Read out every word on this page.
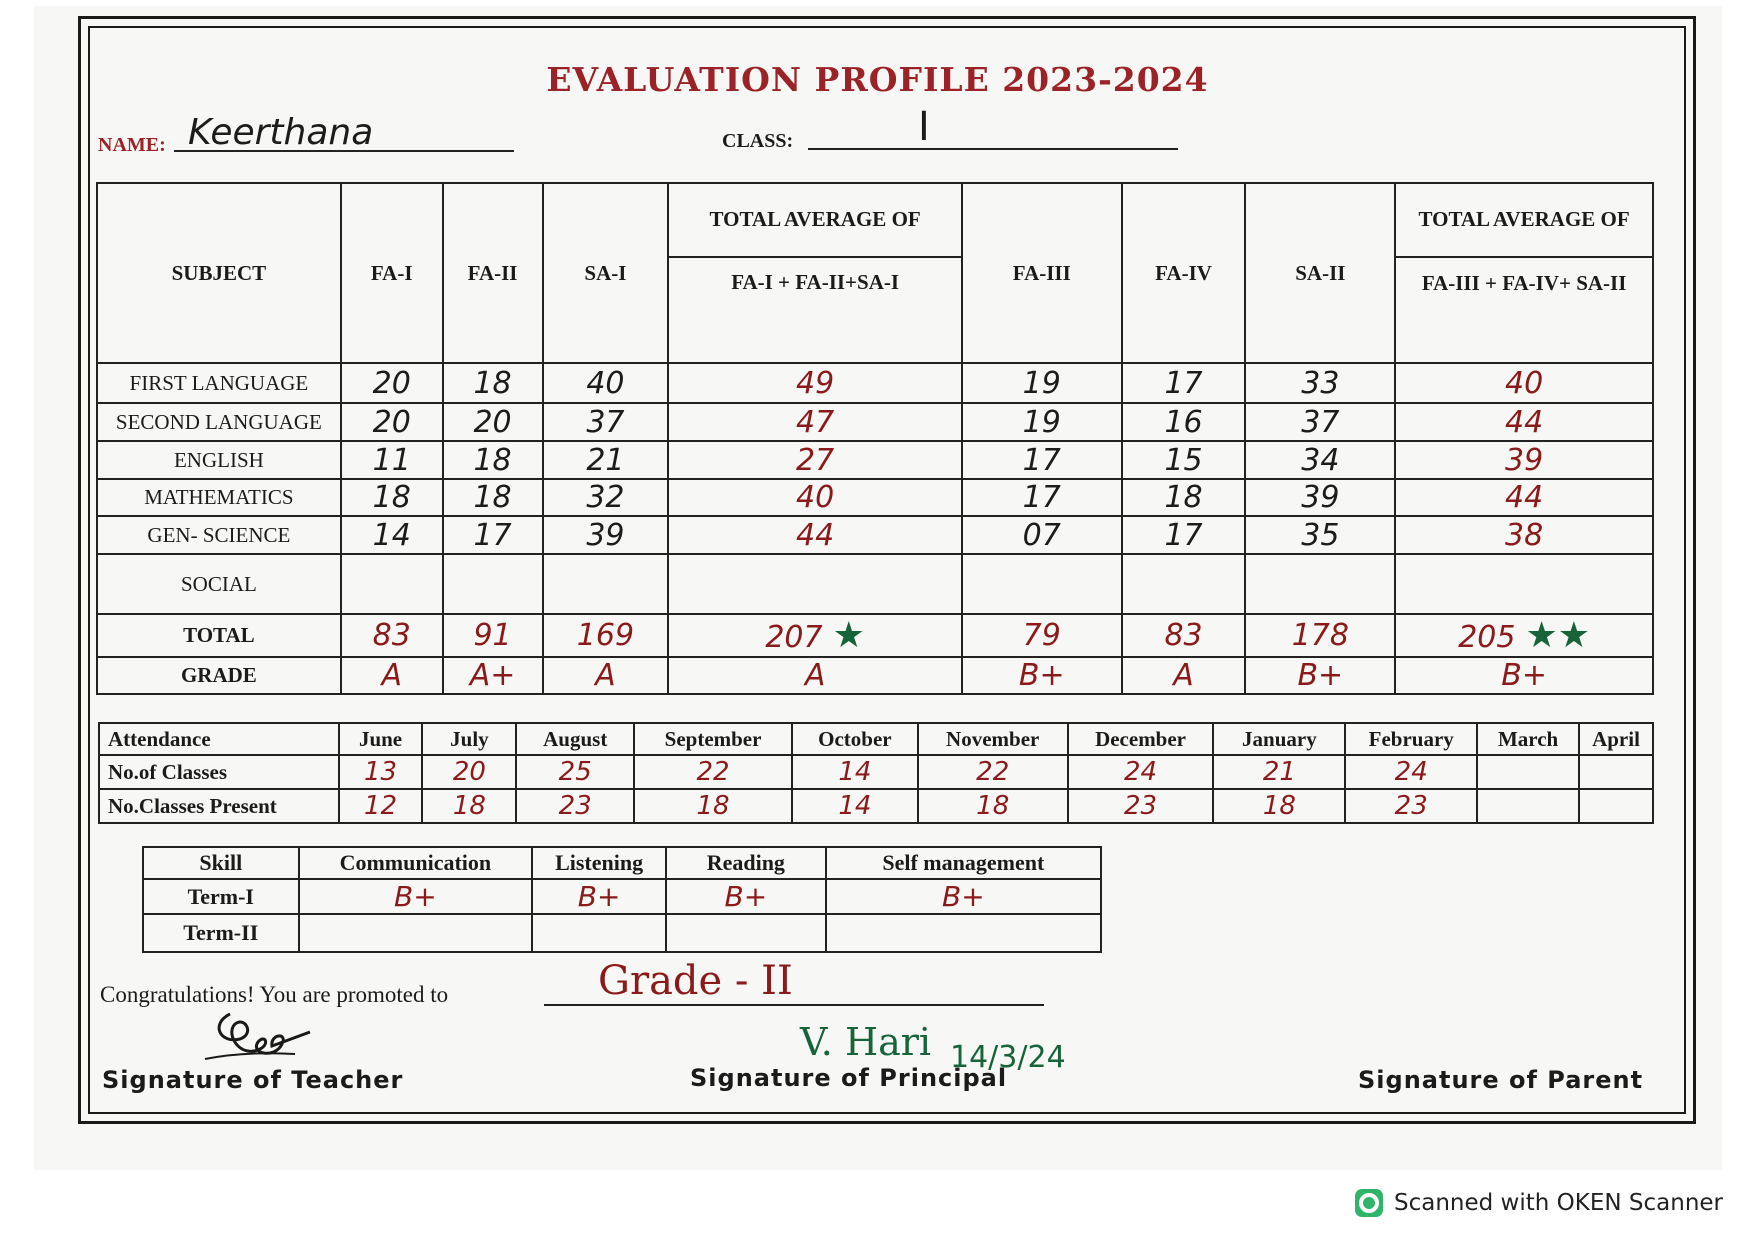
EVALUATION PROFILE 2023-2024
NAME: Keerthana	CLASS:	I
SUBJECT	FA-I	FA-II	SA-I	TOTAL AVERAGE OF	FA-III	FA-IV	SA-II	TOTAL AVERAGE OF
				FA-I + FA-II+SA-I				FA-III + FA-IV+ SA-II
FIRST LANGUAGE	20	18	40	49	19	17	33	40
SECOND LANGUAGE	20	20	37	47	19	16	37	44
ENGLISH	11	18	21	27	17	15	34	39
MATHEMATICS	18	18	32	40	17	18	39	44
GEN- SCIENCE	14	17	39	44	07	17	35	38
SOCIAL								
TOTAL	83	91	169	207 ★	79	83	178	205 ★★
GRADE	A	A+	A	A	B+	A	B+	B+
Attendance	June	July	August	September	October	November	December	January	February	March	April
No.of Classes	13	20	25	22	14	22	24	21	24		
No.Classes Present	12	18	23	18	14	18	23	18	23		
Skill	Communication	Listening	Reading	Self management
Term-I	B+	B+	B+	B+
Term-II				
Congratulations! You are promoted to	Grade - II
Signature of Teacher	Signature of Principal
V. Hari 14/3/24
Signature of Parent
Scanned with OKEN Scanner
